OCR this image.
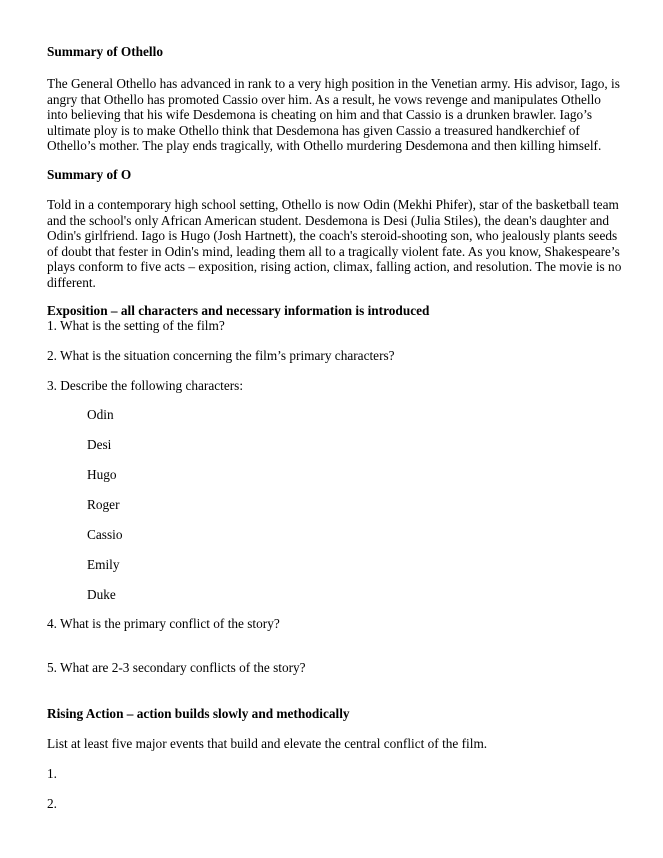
Summary of Othello
The General Othello has advanced in rank to a very high position in the Venetian army. His advisor, Iago, is angry that Othello has promoted Cassio over him. As a result, he vows revenge and manipulates Othello into believing that his wife Desdemona is cheating on him and that Cassio is a drunken brawler. Iago’s ultimate ploy is to make Othello think that Desdemona has given Cassio a treasured handkerchief of Othello’s mother. The play ends tragically, with Othello murdering Desdemona and then killing himself.
Summary of O
Told in a contemporary high school setting, Othello is now Odin (Mekhi Phifer), star of the basketball team and the school's only African American student. Desdemona is Desi (Julia Stiles), the dean's daughter and Odin's girlfriend. Iago is Hugo (Josh Hartnett), the coach's steroid-shooting son, who jealously plants seeds of doubt that fester in Odin's mind, leading them all to a tragically violent fate. As you know, Shakespeare’s plays conform to five acts – exposition, rising action, climax, falling action, and resolution. The movie is no different.
Exposition – all characters and necessary information is introduced
1. What is the setting of the film?
2. What is the situation concerning the film’s primary characters?
3. Describe the following characters:
Odin
Desi
Hugo
Roger
Cassio
Emily
Duke
4. What is the primary conflict of the story?
5. What are 2-3 secondary conflicts of the story?
Rising Action – action builds slowly and methodically
List at least five major events that build and elevate the central conflict of the film.
1.
2.
